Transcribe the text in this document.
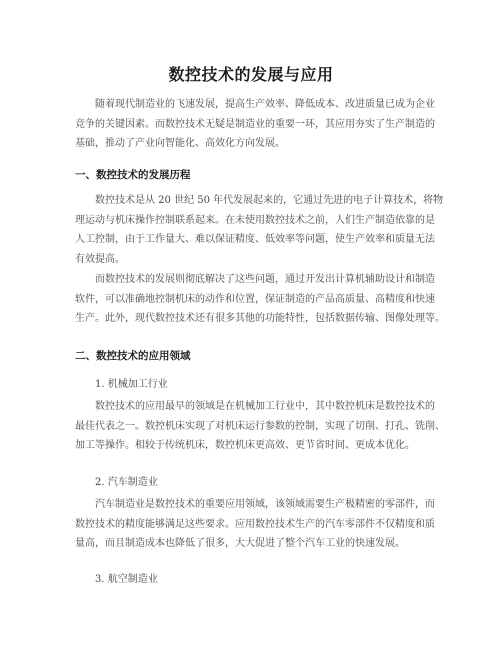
数控技术的发展与应用

随着现代制造业的飞速发展，提高生产效率、降低成本、改进质量已成为企业
竞争的关键因素。而数控技术无疑是制造业的重要一环，其应用夯实了生产制造的
基础，推动了产业向智能化、高效化方向发展。

一、数控技术的发展历程

数控技术是从 20 世纪 50 年代发展起来的，它通过先进的电子计算技术，将物
理运动与机床操作控制联系起来。在未使用数控技术之前，人们生产制造依靠的是
人工控制，由于工作量大、难以保证精度、低效率等问题，使生产效率和质量无法
有效提高。

而数控技术的发展则彻底解决了这些问题，通过开发出计算机辅助设计和制造
软件，可以准确地控制机床的动作和位置，保证制造的产品高质量、高精度和快速
生产。此外，现代数控技术还有很多其他的功能特性，包括数据传输、图像处理等。

二、数控技术的应用领域
1. 机械加工行业

数控技术的应用最早的领域是在机械加工行业中，其中数控机床是数控技术的
最佳代表之一。数控机床实现了对机床运行参数的控制，实现了切削、打孔、铣削、
加工等操作。相较于传统机床，数控机床更高效、更节省时间、更成本优化。

2. 汽车制造业

汽车制造业是数控技术的重要应用领域，该领域需要生产极精密的零部件，而
数控技术的精度能够满足这些要求。应用数控技术生产的汽车零部件不仅精度和质
量高，而且制造成本也降低了很多，大大促进了整个汽车工业的快速发展。

3. 航空制造业
